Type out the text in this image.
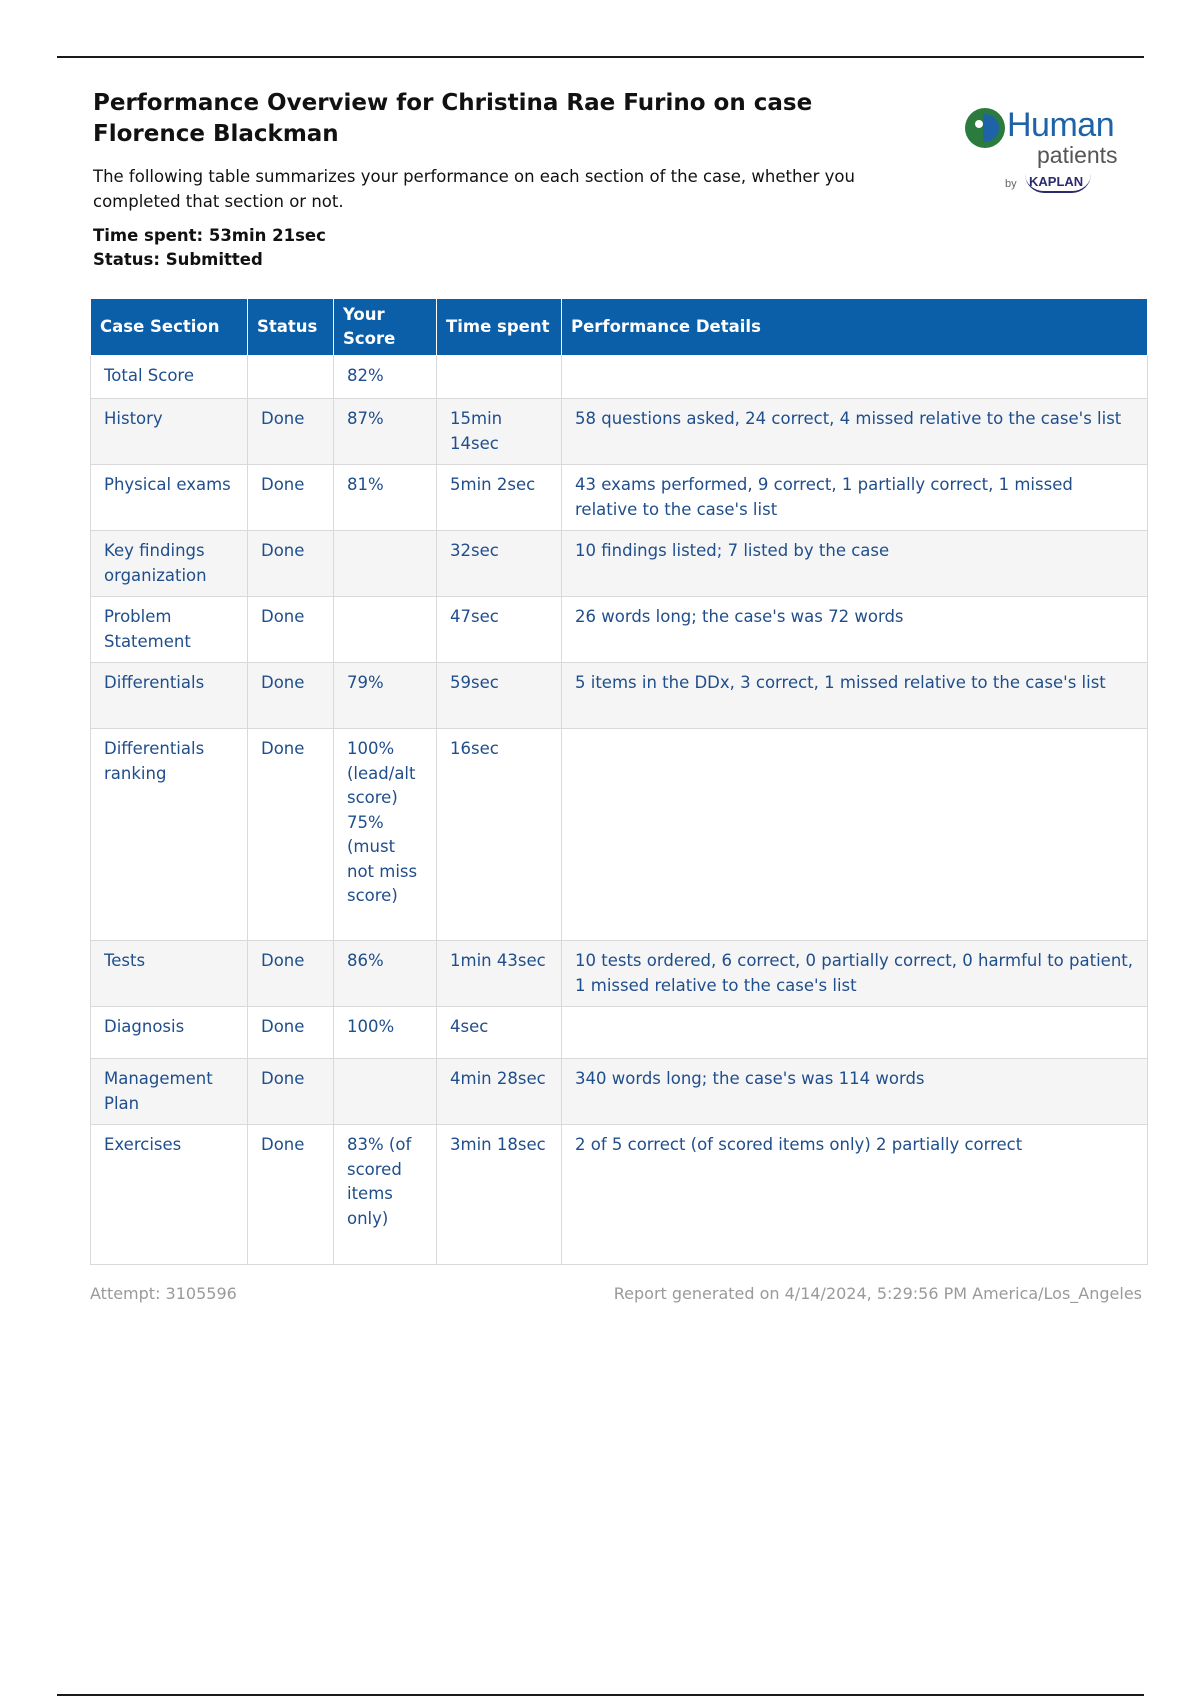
Performance Overview for Christina Rae Furino on case Florence Blackman

The following table summarizes your performance on each section of the case, whether you completed that section or not.

Time spent: 53min 21sec
Status: Submitted
Human
patients
by KAPLAN
Case Section	Status	Your Score	Time spent	Performance Details
Total Score		82%		
History	Done	87%	15min 14sec	58 questions asked, 24 correct, 4 missed relative to the case's list
Physical exams	Done	81%	5min 2sec	43 exams performed, 9 correct, 1 partially correct, 1 missed relative to the case's list
Key findings organization	Done		32sec	10 findings listed; 7 listed by the case
Problem Statement	Done		47sec	26 words long; the case's was 72 words
Differentials	Done	79%	59sec	5 items in the DDx, 3 correct, 1 missed relative to the case's list
Differentials ranking	Done	100% (lead/alt score) 75% (must not miss score)	16sec	
Tests	Done	86%	1min 43sec	10 tests ordered, 6 correct, 0 partially correct, 0 harmful to patient, 1 missed relative to the case's list
Diagnosis	Done	100%	4sec	
Management Plan	Done		4min 28sec	340 words long; the case's was 114 words
Exercises	Done	83% (of scored items only)	3min 18sec	2 of 5 correct (of scored items only) 2 partially correct
Attempt: 3105596	Report generated on 4/14/2024, 5:29:56 PM America/Los_Angeles
